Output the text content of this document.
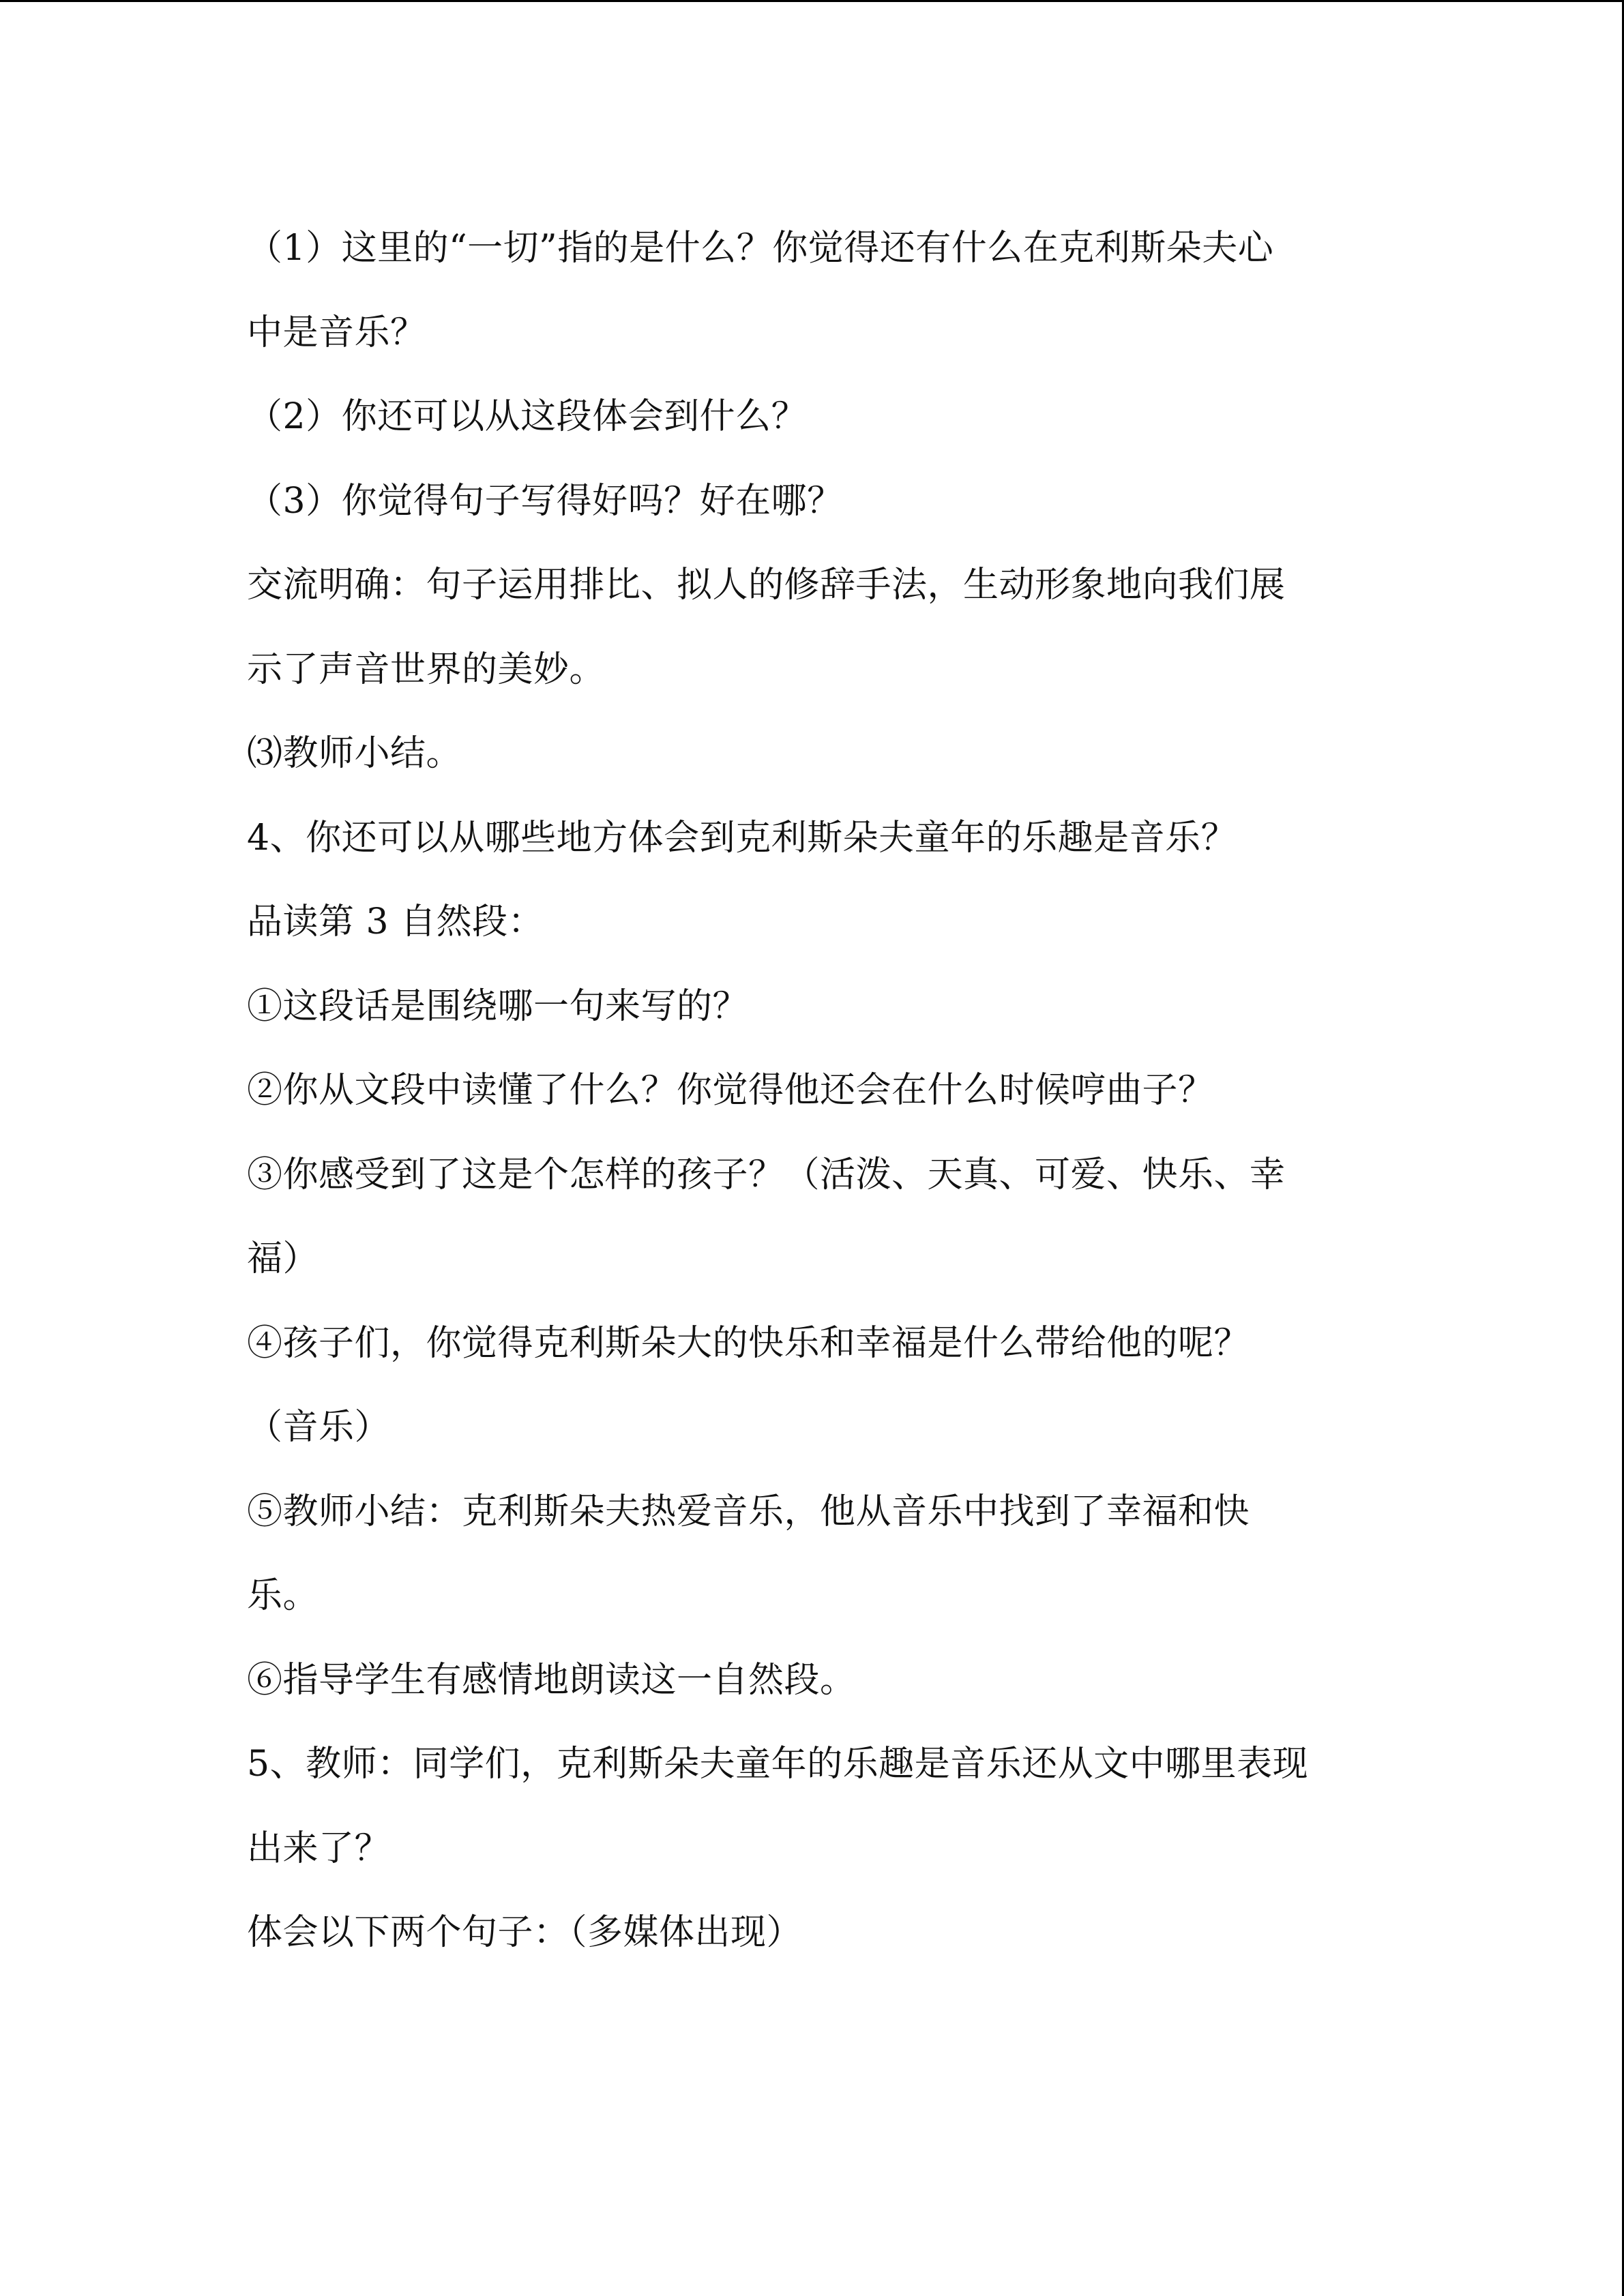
（1）这里的“一切”指的是什么？你觉得还有什么在克利斯朵夫心
中是音乐？
（2）你还可以从这段体会到什么？
（3）你觉得句子写得好吗？好在哪？
交流明确：句子运用排比、拟人的修辞手法，生动形象地向我们展
示了声音世界的美妙。
⑶教师小结。
4、你还可以从哪些地方体会到克利斯朵夫童年的乐趣是音乐？
品读第 3 自然段：
①这段话是围绕哪一句来写的？
②你从文段中读懂了什么？你觉得他还会在什么时候哼曲子？
③你感受到了这是个怎样的孩子？（活泼、天真、可爱、快乐、幸
福）
④孩子们，你觉得克利斯朵大的快乐和幸福是什么带给他的呢？
（音乐）
⑤教师小结：克利斯朵夫热爱音乐，他从音乐中找到了幸福和快
乐。
⑥指导学生有感情地朗读这一自然段。
5、教师：同学们，克利斯朵夫童年的乐趣是音乐还从文中哪里表现
出来了？
体会以下两个句子：（多媒体出现）
